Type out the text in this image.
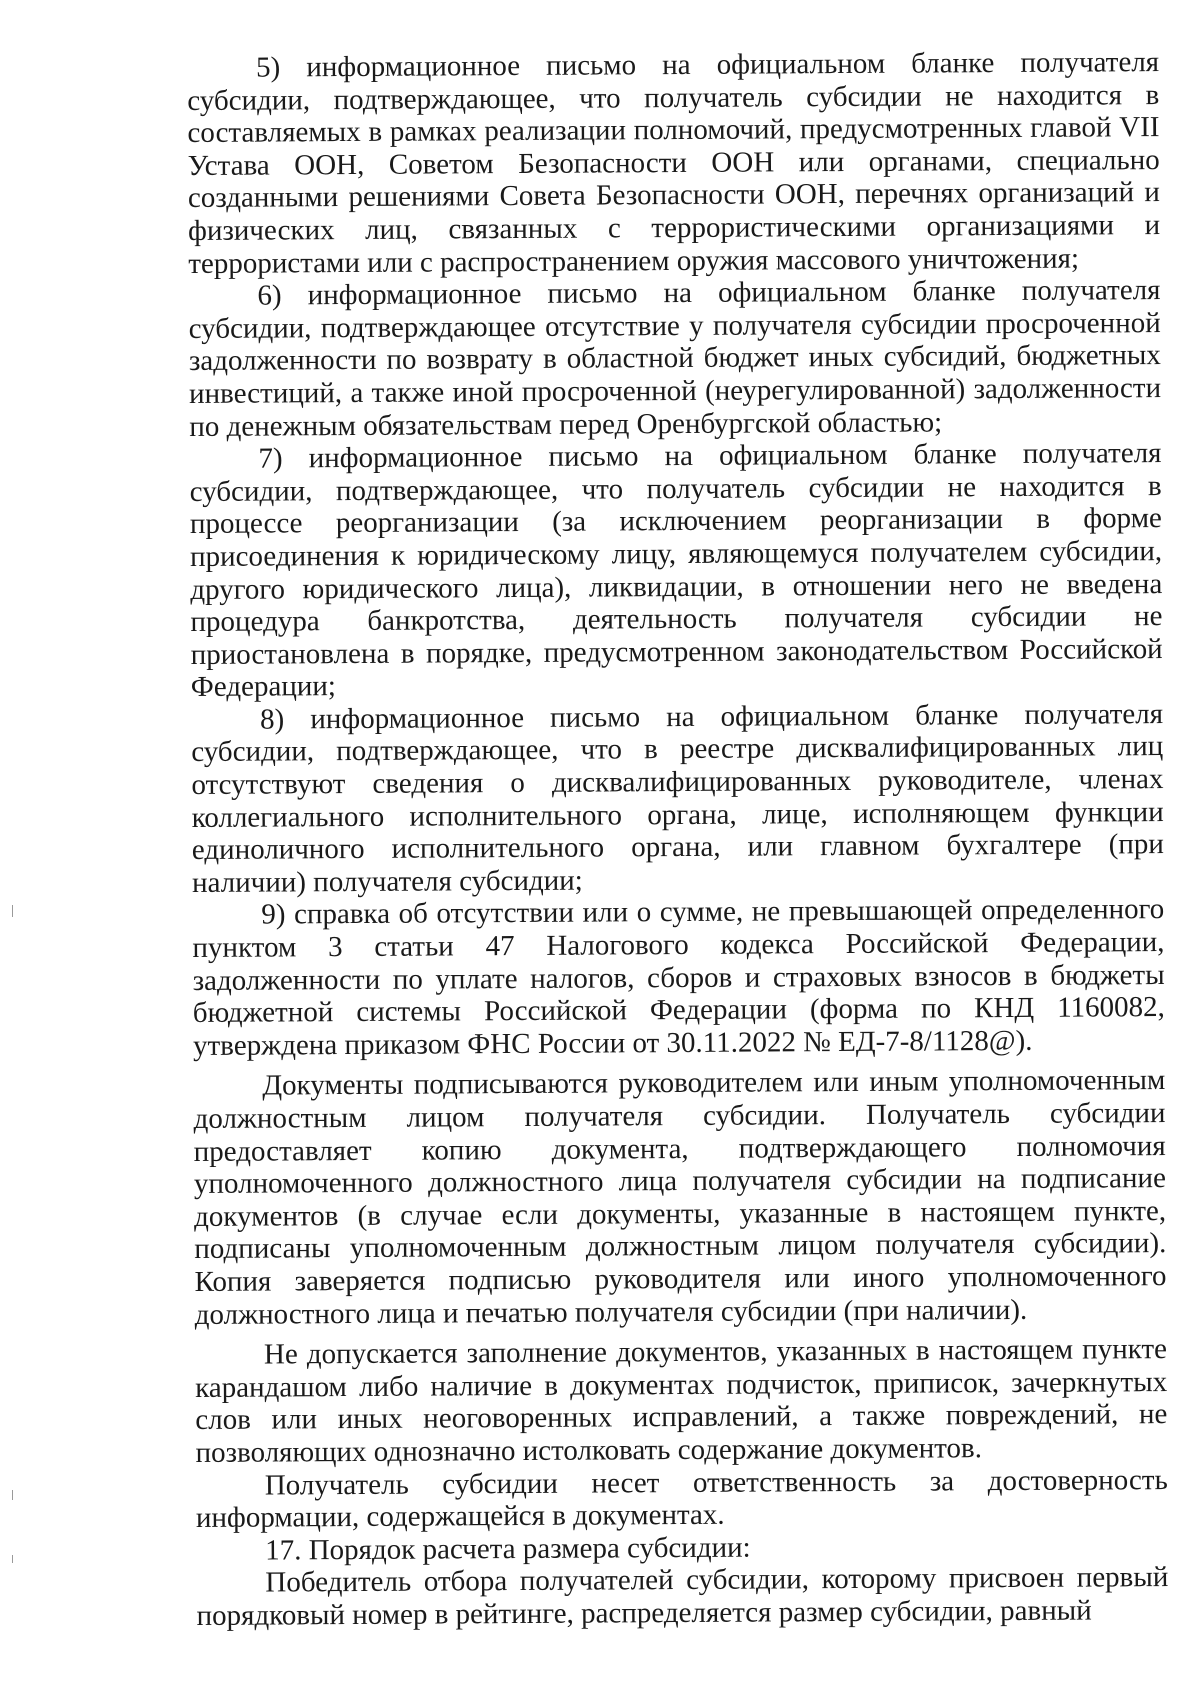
5) информационное письмо на официальном бланке получателя субсидии, подтверждающее, что получатель субсидии не находится в составляемых в рамках реализации полномочий, предусмотренных главой VII Устава ООН, Советом Безопасности ООН или органами, специально созданными решениями Совета Безопасности ООН, перечнях организаций и физических лиц, связанных с террористическими организациями и террористами или с распространением оружия массового уничтожения;

6) информационное письмо на официальном бланке получателя субсидии, подтверждающее отсутствие у получателя субсидии просроченной задолженности по возврату в областной бюджет иных субсидий, бюджетных инвестиций, а также иной просроченной (неурегулированной) задолженности по денежным обязательствам перед Оренбургской областью;

7) информационное письмо на официальном бланке получателя субсидии, подтверждающее, что получатель субсидии не находится в процессе реорганизации (за исключением реорганизации в форме присоединения к юридическому лицу, являющемуся получателем субсидии, другого юридического лица), ликвидации, в отношении него не введена процедура банкротства, деятельность получателя субсидии не приостановлена в порядке, предусмотренном законодательством Российской Федерации;

8) информационное письмо на официальном бланке получателя субсидии, подтверждающее, что в реестре дисквалифицированных лиц отсутствуют сведения о дисквалифицированных руководителе, членах коллегиального исполнительного органа, лице, исполняющем функции единоличного исполнительного органа, или главном бухгалтере (при наличии) получателя субсидии;

9) справка об отсутствии или о сумме, не превышающей определенного пунктом 3 статьи 47 Налогового кодекса Российской Федерации, задолженности по уплате налогов, сборов и страховых взносов в бюджеты бюджетной системы Российской Федерации (форма по КНД 1160082, утверждена приказом ФНС России от 30.11.2022 № ЕД-7-8/1128@).

Документы подписываются руководителем или иным уполномоченным должностным лицом получателя субсидии. Получатель субсидии предоставляет копию документа, подтверждающего полномочия уполномоченного должностного лица получателя субсидии на подписание документов (в случае если документы, указанные в настоящем пункте, подписаны уполномоченным должностным лицом получателя субсидии). Копия заверяется подписью руководителя или иного уполномоченного должностного лица и печатью получателя субсидии (при наличии).

Не допускается заполнение документов, указанных в настоящем пункте карандашом либо наличие в документах подчисток, приписок, зачеркнутых слов или иных неоговоренных исправлений, а также повреждений, не позволяющих однозначно истолковать содержание документов.

Получатель субсидии несет ответственность за достоверность информации, содержащейся в документах.

17. Порядок расчета размера субсидии:

Победитель отбора получателей субсидии, которому присвоен первый порядковый номер в рейтинге, распределяется размер субсидии, равный
